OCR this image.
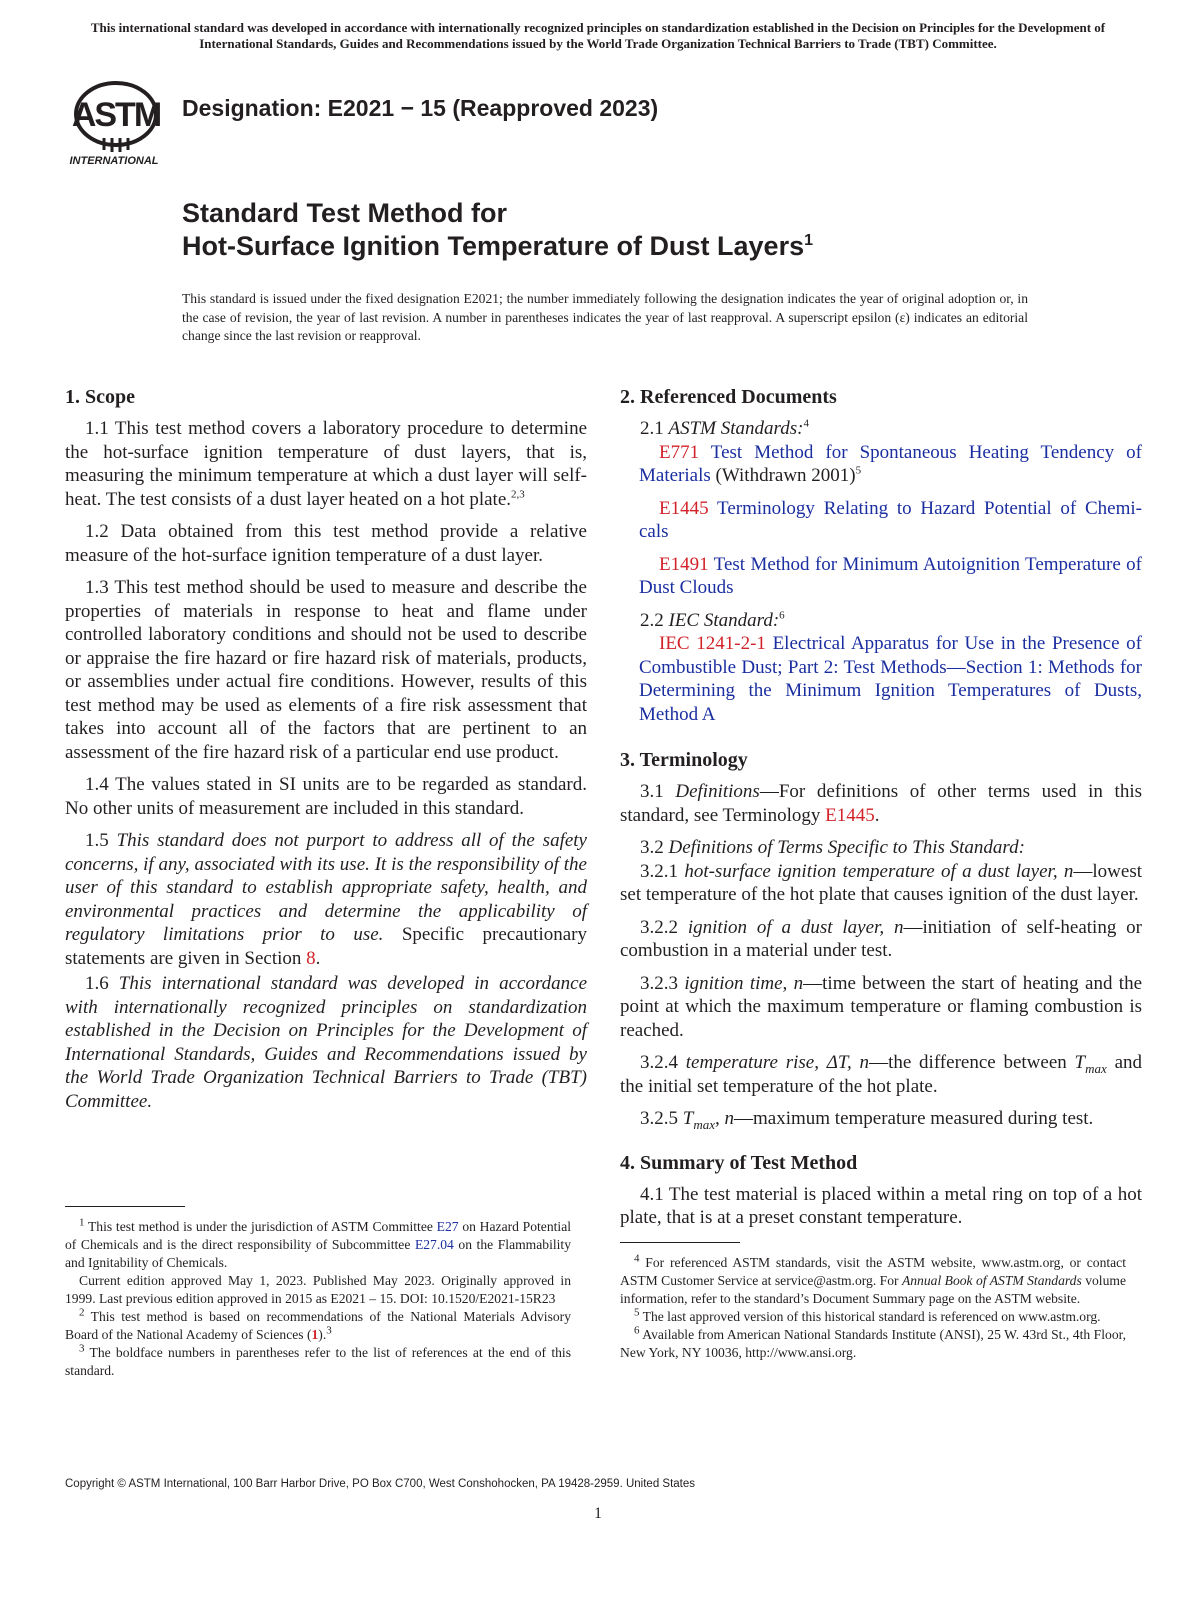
This international standard was developed in accordance with internationally recognized principles on standardization established in the Decision on Principles for the Development of International Standards, Guides and Recommendations issued by the World Trade Organization Technical Barriers to Trade (TBT) Committee.
ASTM
INTERNATIONAL
Designation: E2021 − 15 (Reapproved 2023)
Standard Test Method for
Hot-Surface Ignition Temperature of Dust Layers$^1$
This standard is issued under the fixed designation E2021; the number immediately following the designation indicates the year of original adoption or, in the case of revision, the year of last revision. A number in parentheses indicates the year of last reapproval. A superscript epsilon (ε) indicates an editorial change since the last revision or reapproval.
1. Scope

1.1 This test method covers a laboratory procedure to determine the hot-surface ignition temperature of dust layers, that is, measuring the minimum temperature at which a dust layer will self-heat. The test consists of a dust layer heated on a hot plate.$^{2,3}$

1.2 Data obtained from this test method provide a relative measure of the hot-surface ignition temperature of a dust layer.

1.3 This test method should be used to measure and describe the properties of materials in response to heat and flame under controlled laboratory conditions and should not be used to describe or appraise the fire hazard or fire hazard risk of materials, products, or assemblies under actual fire conditions. However, results of this test method may be used as elements of a fire risk assessment that takes into account all of the factors that are pertinent to an assessment of the fire hazard risk of a particular end use product.

1.4 The values stated in SI units are to be regarded as standard. No other units of measurement are included in this standard.

1.5 This standard does not purport to address all of the safety concerns, if any, associated with its use. It is the responsibility of the user of this standard to establish appropriate safety, health, and environmental practices and determine the applicability of regulatory limitations prior to use. Specific precautionary statements are given in Section 8.

1.6 This international standard was developed in accordance with internationally recognized principles on standardization established in the Decision on Principles for the Development of International Standards, Guides and Recommendations issued by the World Trade Organization Technical Barriers to Trade (TBT) Committee.

2. Referenced Documents
2.1 ASTM Standards:$^4$

E771 Test Method for Spontaneous Heating Tendency of Materials (Withdrawn 2001)$^5$

E1445 Terminology Relating to Hazard Potential of Chemi-cals

E1491 Test Method for Minimum Autoignition Temperature of Dust Clouds

2.2 IEC Standard:$^6$

IEC 1241-2-1 Electrical Apparatus for Use in the Presence of Combustible Dust; Part 2: Test Methods—Section 1: Methods for Determining the Minimum Ignition Temperatures of Dusts, Method A

3. Terminology

3.1 Definitions—For definitions of other terms used in this standard, see Terminology E1445.

3.2 Definitions of Terms Specific to This Standard:

3.2.1 hot-surface ignition temperature of a dust layer, n—lowest set temperature of the hot plate that causes ignition of the dust layer.

3.2.2 ignition of a dust layer, n—initiation of self-heating or combustion in a material under test.

3.2.3 ignition time, n—time between the start of heating and the point at which the maximum temperature or flaming combustion is reached.

3.2.4 temperature rise, ΔT, n—the difference between $T_{max}$ and the initial set temperature of the hot plate.

3.2.5 $T_{max}$, n—maximum temperature measured during test.

4. Summary of Test Method

4.1 The test material is placed within a metal ring on top of a hot plate, that is at a preset constant temperature.

$^1$ This test method is under the jurisdiction of ASTM Committee E27 on Hazard Potential of Chemicals and is the direct responsibility of Subcommittee E27.04 on the Flammability and Ignitability of Chemicals.

Current edition approved May 1, 2023. Published May 2023. Originally approved in 1999. Last previous edition approved in 2015 as E2021 – 15. DOI: 10.1520/E2021-15R23

$^2$ This test method is based on recommendations of the National Materials Advisory Board of the National Academy of Sciences (1).$^3$

$^3$ The boldface numbers in parentheses refer to the list of references at the end of this standard.

$^4$ For referenced ASTM standards, visit the ASTM website, www.astm.org, or contact ASTM Customer Service at service@astm.org. For Annual Book of ASTM Standards volume information, refer to the standard’s Document Summary page on the ASTM website.

$^5$ The last approved version of this historical standard is referenced on www.astm.org.

$^6$ Available from American National Standards Institute (ANSI), 25 W. 43rd St., 4th Floor, New York, NY 10036, http://www.ansi.org.

Copyright © ASTM International, 100 Barr Harbor Drive, PO Box C700, West Conshohocken, PA 19428-2959. United States
1
